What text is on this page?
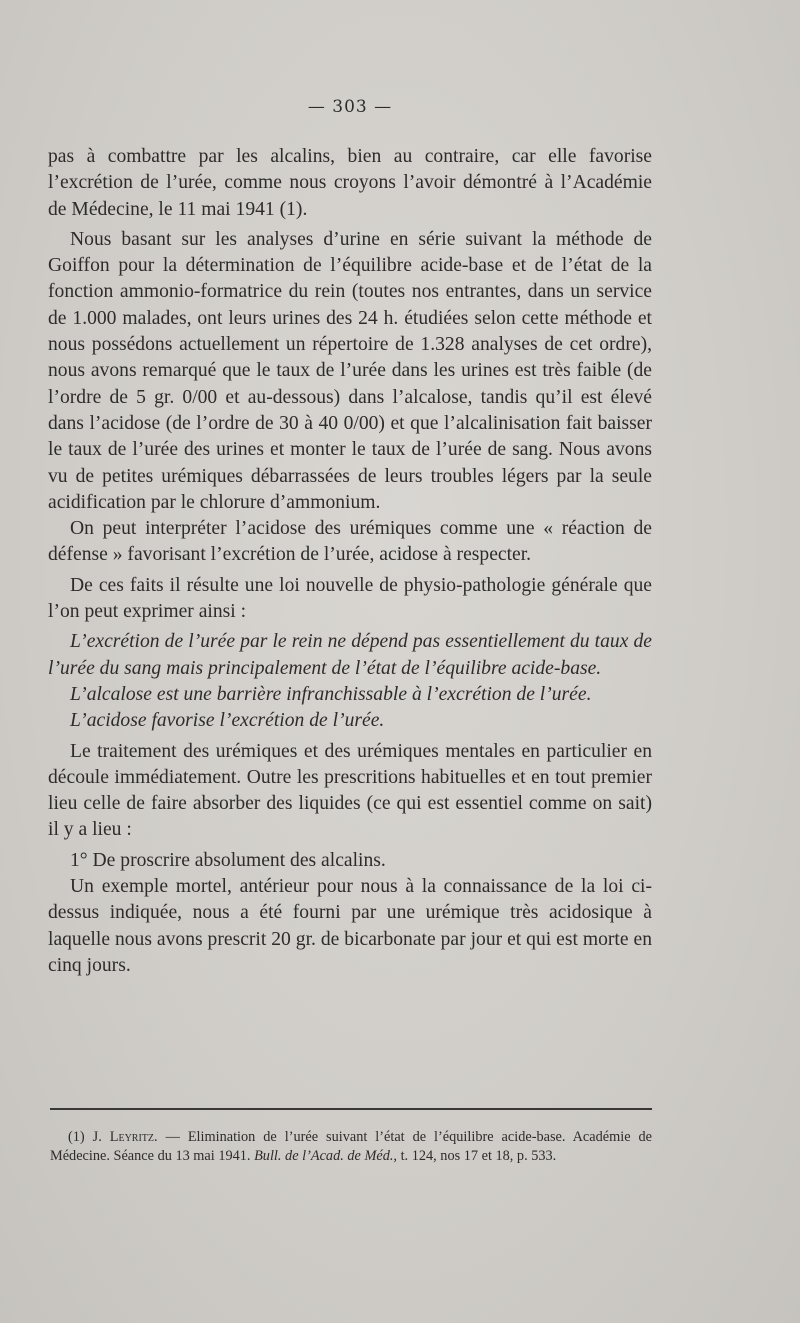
— 303 —

pas à combattre par les alcalins, bien au contraire, car elle favorise l’excrétion de l’urée, comme nous croyons l’avoir démontré à l’Académie de Médecine, le 11 mai 1941 (1).

Nous basant sur les analyses d’urine en série suivant la méthode de Goiffon pour la détermination de l’équilibre acide-base et de l’état de la fonction ammonio-formatrice du rein (toutes nos entrantes, dans un service de 1.000 malades, ont leurs urines des 24 h. étudiées selon cette méthode et nous possédons actuellement un répertoire de 1.328 analyses de cet ordre), nous avons remarqué que le taux de l’urée dans les urines est très faible (de l’ordre de 5 gr. 0/00 et au-dessous) dans l’alcalose, tandis qu’il est élevé dans l’acidose (de l’ordre de 30 à 40 0/00) et que l’alcalinisation fait baisser le taux de l’urée des urines et monter le taux de l’urée de sang. Nous avons vu de petites urémiques débarrassées de leurs troubles légers par la seule acidification par le chlorure d’ammonium.

On peut interpréter l’acidose des urémiques comme une « réaction de défense » favorisant l’excrétion de l’urée, acidose à respecter.

De ces faits il résulte une loi nouvelle de physio-pathologie générale que l’on peut exprimer ainsi :

L’excrétion de l’urée par le rein ne dépend pas essentiellement du taux de l’urée du sang mais principalement de l’état de l’équilibre acide-base.

L’alcalose est une barrière infranchissable à l’excrétion de l’urée.

L’acidose favorise l’excrétion de l’urée.

Le traitement des urémiques et des urémiques mentales en particulier en découle immédiatement. Outre les prescritions habituelles et en tout premier lieu celle de faire absorber des liquides (ce qui est essentiel comme on sait) il y a lieu :

1° De proscrire absolument des alcalins.

Un exemple mortel, antérieur pour nous à la connaissance de la loi ci-dessus indiquée, nous a été fourni par une urémique très acidosique à laquelle nous avons prescrit 20 gr. de bicarbonate par jour et qui est morte en cinq jours.

(1) J. Leyritz. — Elimination de l’urée suivant l’état de l’équilibre acide-base. Académie de Médecine. Séance du 13 mai 1941. Bull. de l’Acad. de Méd., t. 124, nos 17 et 18, p. 533.
